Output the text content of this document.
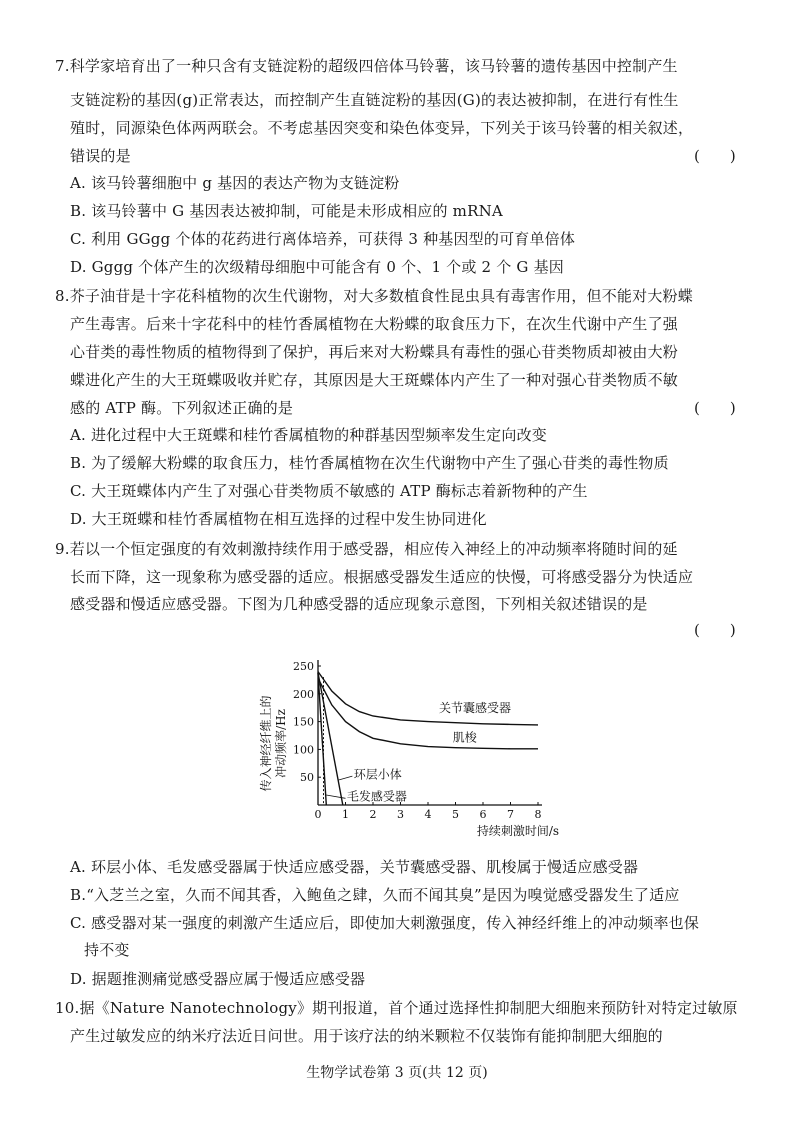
7.科学家培育出了一种只含有支链淀粉的超级四倍体马铃薯，该马铃薯的遗传基因中控制产生
支链淀粉的基因(g)正常表达，而控制产生直链淀粉的基因(G)的表达被抑制，在进行有性生
殖时，同源染色体两两联会。不考虑基因突变和染色体变异，下列关于该马铃薯的相关叙述，
错误的是	(　　)
A. 该马铃薯细胞中 g 基因的表达产物为支链淀粉
B. 该马铃薯中 G 基因表达被抑制，可能是未形成相应的 mRNA
C. 利用 GGgg 个体的花药进行离体培养，可获得 3 种基因型的可育单倍体
D. Gggg 个体产生的次级精母细胞中可能含有 0 个、1 个或 2 个 G 基因
8.芥子油苷是十字花科植物的次生代谢物，对大多数植食性昆虫具有毒害作用，但不能对大粉蝶
产生毒害。后来十字花科中的桂竹香属植物在大粉蝶的取食压力下，在次生代谢中产生了强
心苷类的毒性物质的植物得到了保护，再后来对大粉蝶具有毒性的强心苷类物质却被由大粉
蝶进化产生的大王斑蝶吸收并贮存，其原因是大王斑蝶体内产生了一种对强心苷类物质不敏
感的 ATP 酶。下列叙述正确的是	(　　)
A. 进化过程中大王斑蝶和桂竹香属植物的种群基因型频率发生定向改变
B. 为了缓解大粉蝶的取食压力，桂竹香属植物在次生代谢物中产生了强心苷类的毒性物质
C. 大王斑蝶体内产生了对强心苷类物质不敏感的 ATP 酶标志着新物种的产生
D. 大王斑蝶和桂竹香属植物在相互选择的过程中发生协同进化
9.若以一个恒定强度的有效刺激持续作用于感受器，相应传入神经上的冲动频率将随时间的延
长而下降，这一现象称为感受器的适应。根据感受器发生适应的快慢，可将感受器分为快适应
感受器和慢适应感受器。下图为几种感受器的适应现象示意图，下列相关叙述错误的是
(　　)
0 1 2 3 4 5 6 7 8
50
100
150
200
250
传入神经纤维上的 冲动频率/Hz
持续刺激时间/s
关节囊感受器
肌梭
环层小体
毛发感受器
A. 环层小体、毛发感受器属于快适应感受器，关节囊感受器、肌梭属于慢适应感受器
B.“入芝兰之室，久而不闻其香，入鲍鱼之肆，久而不闻其臭”是因为嗅觉感受器发生了适应
C. 感受器对某一强度的刺激产生适应后，即使加大刺激强度，传入神经纤维上的冲动频率也保
持不变
D. 据题推测痛觉感受器应属于慢适应感受器
10.据《Nature Nanotechnology》期刊报道，首个通过选择性抑制肥大细胞来预防针对特定过敏原
产生过敏发应的纳米疗法近日问世。用于该疗法的纳米颗粒不仅装饰有能抑制肥大细胞的
生物学试卷第 3 页(共 12 页)
